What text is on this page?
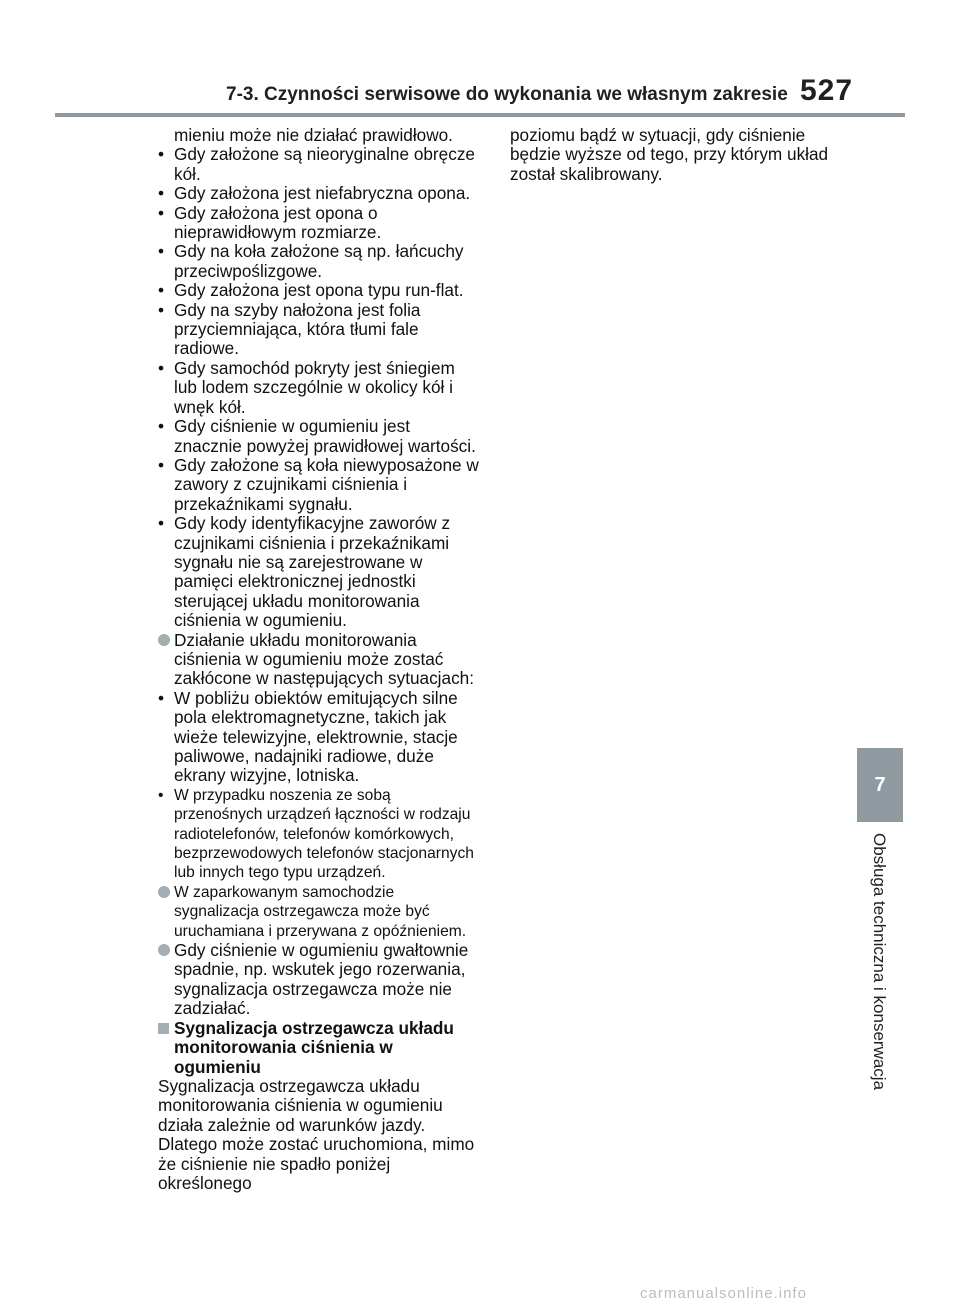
7-3. Czynności serwisowe do wykonania we własnym zakresie 527
7
Obsługa techniczna i konserwacja

mieniu może nie działać prawidłowo.

• Gdy założone są nieoryginalne obręcze kół.
• Gdy założona jest niefabryczna opona.
• Gdy założona jest opona o nieprawidłowym rozmiarze.
• Gdy na koła założone są np. łańcuchy przeciwpoślizgowe.
• Gdy założona jest opona typu run-flat.
• Gdy na szyby nałożona jest folia przyciemniająca, która tłumi fale radiowe.
• Gdy samochód pokryty jest śniegiem lub lodem szczególnie w okolicy kół i wnęk kół.
• Gdy ciśnienie w ogumieniu jest znacznie powyżej prawidłowej wartości.
• Gdy założone są koła niewyposażone w zawory z czujnikami ciśnienia i przekaźnikami sygnału.
• Gdy kody identyfikacyjne zaworów z czujnikami ciśnienia i przekaźnikami sygnału nie są zarejestrowane w pamięci elektronicznej jednostki sterującej układu monitorowania ciśnienia w ogumieniu.
Działanie układu monitorowania ciśnienia w ogumieniu może zostać zakłócone w następujących sytuacjach:
• W pobliżu obiektów emitujących silne pola elektromagnetyczne, takich jak wieże telewizyjne, elektrownie, stacje paliwowe, nadajniki radiowe, duże ekrany wizyjne, lotniska.
• W przypadku noszenia ze sobą przenośnych urządzeń łączności w rodzaju radiotelefonów, telefonów komórkowych, bezprzewodowych telefonów stacjonarnych lub innych tego typu urządzeń.
W zaparkowanym samochodzie sygnalizacja ostrzegawcza może być uruchamiana i przerywana z opóźnieniem.
Gdy ciśnienie w ogumieniu gwałtownie spadnie, np. wskutek jego rozerwania, sygnalizacja ostrzegawcza może nie zadziałać.
Sygnalizacja ostrzegawcza układu monitorowania ciśnienia w ogumieniu

Sygnalizacja ostrzegawcza układu monitorowania ciśnienia w ogumieniu działa zależnie od warunków jazdy. Dlatego może zostać uruchomiona, mimo że ciśnienie nie spadło poniżej określonego

poziomu bądź w sytuacji, gdy ciśnienie będzie wyższe od tego, przy którym układ został skalibrowany.

carmanualsonline.info
